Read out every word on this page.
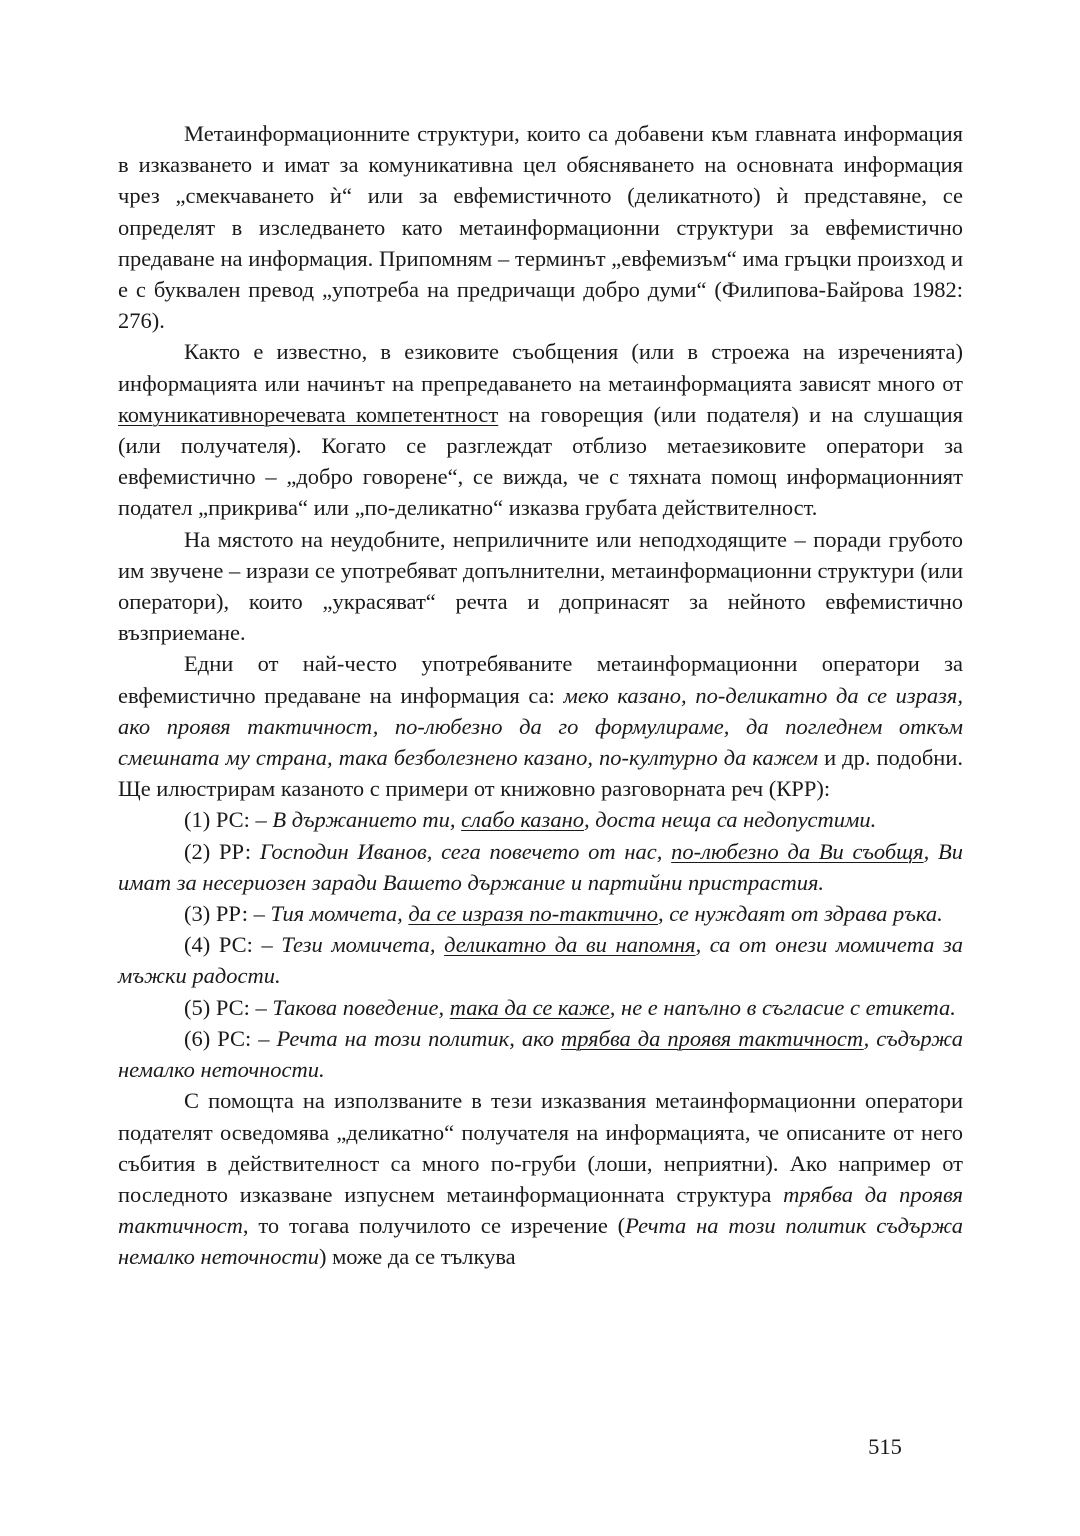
Метаинформационните структури, които са добавени към главната информация в изказването и имат за комуникативна цел обясняването на основната информация чрез „смекчаването ѝ“ или за евфемистичното (деликатното) ѝ представяне, се определят в изследването като метаинформационни структури за евфемистично предаване на информация. Припомням – терминът „евфемизъм“ има гръцки произход и е с буквален превод „употреба на предричащи добро думи“ (Филипова-Байрова 1982: 276).

Както е известно, в езиковите съобщения (или в строежа на изреченията) информацията или начинът на препредаването на метаинформацията зависят много от комуникативноречевата компетентност на говорещия (или подателя) и на слушащия (или получателя). Когато се разглеждат отблизо метаезиковите оператори за евфемистично – „добро говорене“, се вижда, че с тяхната помощ информационният подател „прикрива“ или „по-деликатно“ изказва грубата действителност.

На мястото на неудобните, неприличните или неподходящите – поради грубото им звучене – изрази се употребяват допълнителни, метаинформационни структури (или оператори), които „украсяват“ речта и допринасят за нейното евфемистично възприемане.

Едни от най-често употребяваните метаинформационни оператори за евфемистично предаване на информация са: меко казано, по-деликатно да се изразя, ако проявя тактичност, по-любезно да го формулираме, да погледнем откъм смешната му страна, така безболезнено казано, по-културно да кажем и др. подобни. Ще илюстрирам казаното с примери от книжовно разговорната реч (КРР):

(1) РС: – В държанието ти, слабо казано, доста неща са недопустими.

(2) РР: Господин Иванов, сега повечето от нас, по-любезно да Ви съобщя, Ви имат за несериозен заради Вашето държание и партийни пристрастия.

(3) РР: – Тия момчета, да се изразя по-тактично, се нуждаят от здрава ръка.

(4) РС: – Тези момичета, деликатно да ви напомня, са от онези момичета за мъжки радости.

(5) РС: – Такова поведение, така да се каже, не е напълно в съгласие с етикета.

(6) РС: – Речта на този политик, ако трябва да проявя тактичност, съдържа немалко неточности.

С помощта на използваните в тези изказвания метаинформационни оператори подателят осведомява „деликатно“ получателя на информацията, че описаните от него събития в действителност са много по-груби (лоши, неприятни). Ако например от последното изказване изпуснем метаинформационната структура трябва да проявя тактичност, то тогава получилото се изречение (Речта на този политик съдържа немалко неточности) може да се тълкува

515
